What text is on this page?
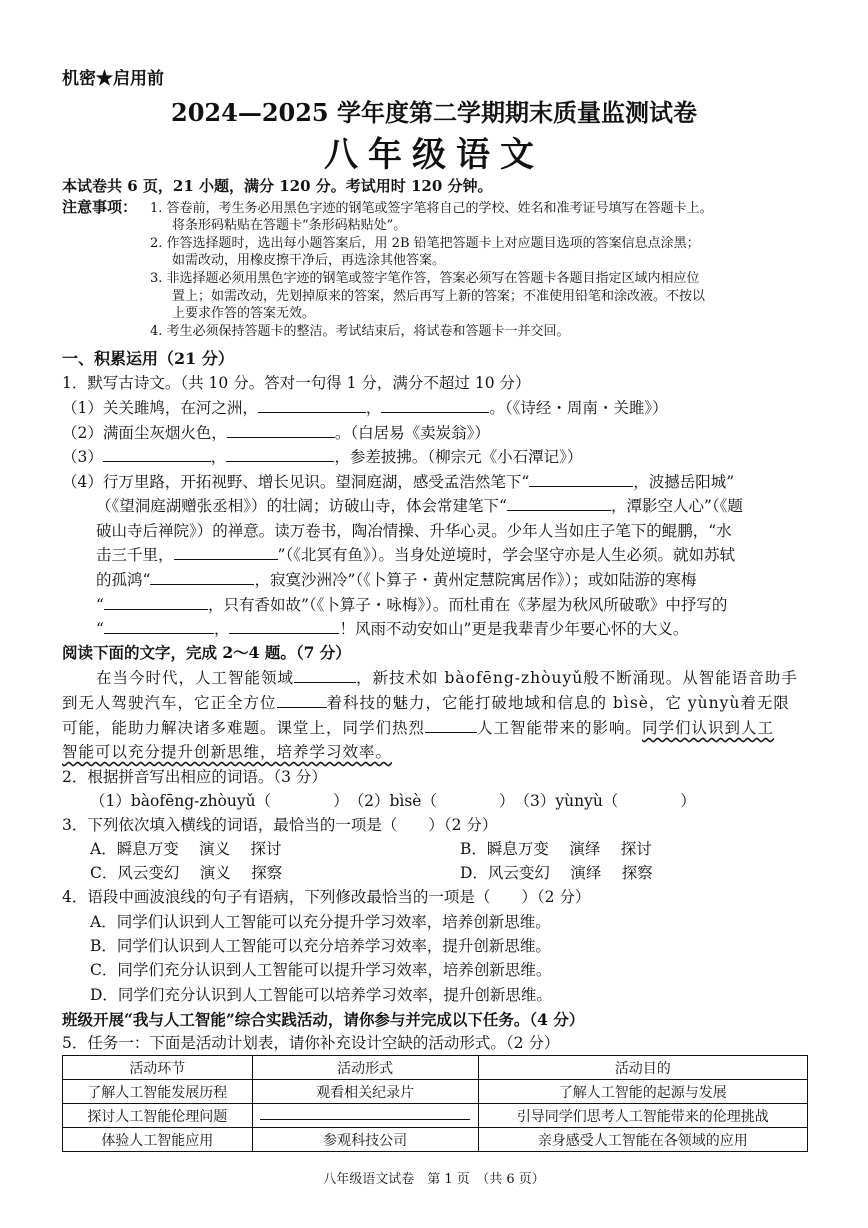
机密★启用前
2024—2025 学年度第二学期期末质量监测试卷
八年级语文
本试卷共 6 页，21 小题，满分 120 分。考试用时 120 分钟。
注意事项： 1. 答卷前，考生务必用黑色字迹的钢笔或签字笔将自己的学校、姓名和准考证号填写在答题卡上。
将条形码粘贴在答题卡“条形码粘贴处”。
2. 作答选择题时，选出每小题答案后，用 2B 铅笔把答题卡上对应题目选项的答案信息点涂黑；
如需改动，用橡皮擦干净后，再选涂其他答案。
3. 非选择题必须用黑色字迹的钢笔或签字笔作答，答案必须写在答题卡各题目指定区域内相应位
置上；如需改动，先划掉原来的答案，然后再写上新的答案；不准使用铅笔和涂改液。不按以
上要求作答的答案无效。
4. 考生必须保持答题卡的整洁。考试结束后，将试卷和答题卡一并交回。
一、积累运用（21 分）
1．默写古诗文。（共 10 分。答对一句得 1 分，满分不超过 10 分）
（1）关关雎鸠，在河之洲，	，	。（《诗经・周南・关雎》）
（2）满面尘灰烟火色，	。（白居易《卖炭翁》）
（3）	，	，参差披拂。（柳宗元《小石潭记》）
（4）行万里路，开拓视野、增长见识。望洞庭湖，感受孟浩然笔下“	，波撼岳阳城”
（《望洞庭湖赠张丞相》）的壮阔；访破山寺，体会常建笔下“	，潭影空人心”（《题
破山寺后禅院》）的禅意。读万卷书，陶冶情操、升华心灵。少年人当如庄子笔下的鲲鹏，“水
击三千里，	”（《北冥有鱼》）。当身处逆境时，学会坚守亦是人生必须。就如苏轼
的孤鸿“	，寂寞沙洲冷”（《卜算子・黄州定慧院寓居作》）；或如陆游的寒梅
“	，只有香如故”（《卜算子・咏梅》）。而杜甫在《茅屋为秋风所破歌》中抒写的
“	，	！风雨不动安如山”更是我辈青少年要心怀的大义。
阅读下面的文字，完成 2～4 题。（7 分）
在当今时代，人工智能领域	，新技术如 bàofēng-zhòuyǔ般不断涌现。从智能语音助手
到无人驾驶汽车，它正全方位	着科技的魅力，它能打破地域和信息的 bìsè，它 yùnyù着无限
可能，能助力解决诸多难题。课堂上，同学们热烈	人工智能带来的影响。同学们认识到人工
智能可以充分提升创新思维，培养学习效率。
2．根据拼音写出相应的词语。（3 分）
（1）bàofēng-zhòuyǔ（　　　　）　（2）bìsè（　　　　）　（3）yùnyù（　　　　）
3．下列依次填入横线的词语，最恰当的一项是（　　）（2 分）
A．瞬息万变　 演义　 探讨	B．瞬息万变　 演绎　 探讨
C．风云变幻　 演义　 探察	D．风云变幻　 演绎　 探察
4．语段中画波浪线的句子有语病，下列修改最恰当的一项是（　　）（2 分）
A．同学们认识到人工智能可以充分提升学习效率，培养创新思维。
B．同学们认识到人工智能可以充分培养学习效率，提升创新思维。
C．同学们充分认识到人工智能可以提升学习效率，培养创新思维。
D．同学们充分认识到人工智能可以培养学习效率，提升创新思维。
班级开展“我与人工智能”综合实践活动，请你参与并完成以下任务。（4 分）
5．任务一：下面是活动计划表，请你补充设计空缺的活动形式。（2 分）
活动环节	活动形式	活动目的
了解人工智能发展历程	观看相关纪录片	了解人工智能的起源与发展
探讨人工智能伦理问题		引导同学们思考人工智能带来的伦理挑战
体验人工智能应用	参观科技公司	亲身感受人工智能在各领域的应用
八年级语文试卷　第 1 页　（共 6 页）
